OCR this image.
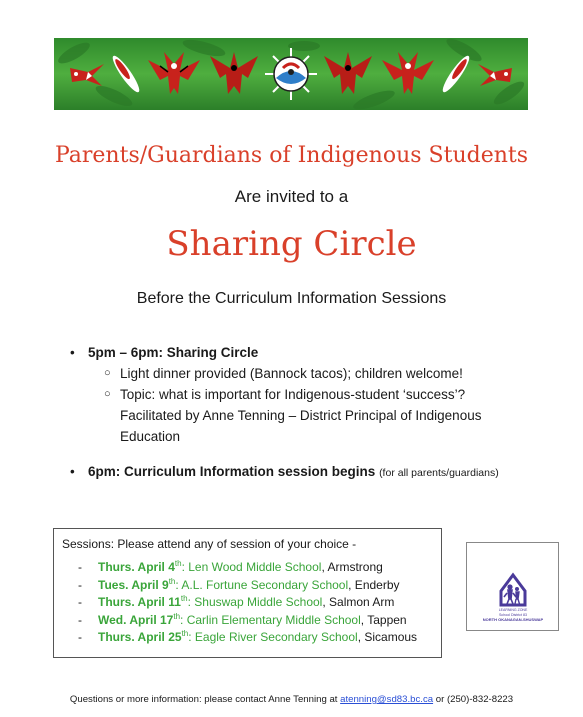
Parents/Guardians of Indigenous Students
Are invited to a
Sharing Circle
Before the Curriculum Information Sessions
• 5pm – 6pm: Sharing Circle
○ Light dinner provided (Bannock tacos); children welcome!
○ Topic: what is important for Indigenous-student ‘success’?
Facilitated by Anne Tenning – District Principal of Indigenous
Education
• 6pm: Curriculum Information session begins (for all parents/guardians)
Sessions: Please attend any of session of your choice -
- Thurs. April 4th: Len Wood Middle School, Armstrong
- Tues. April 9th: A.L. Fortune Secondary School, Enderby
- Thurs. April 11th: Shuswap Middle School, Salmon Arm
- Wed. April 17th: Carlin Elementary Middle School, Tappen
- Thurs. April 25th: Eagle River Secondary School, Sicamous
LEARNING ZONE
School District 83
NORTH OKANAGAN-SHUSWAP
Questions or more information: please contact Anne Tenning at atenning@sd83.bc.ca or (250)-832-8223
